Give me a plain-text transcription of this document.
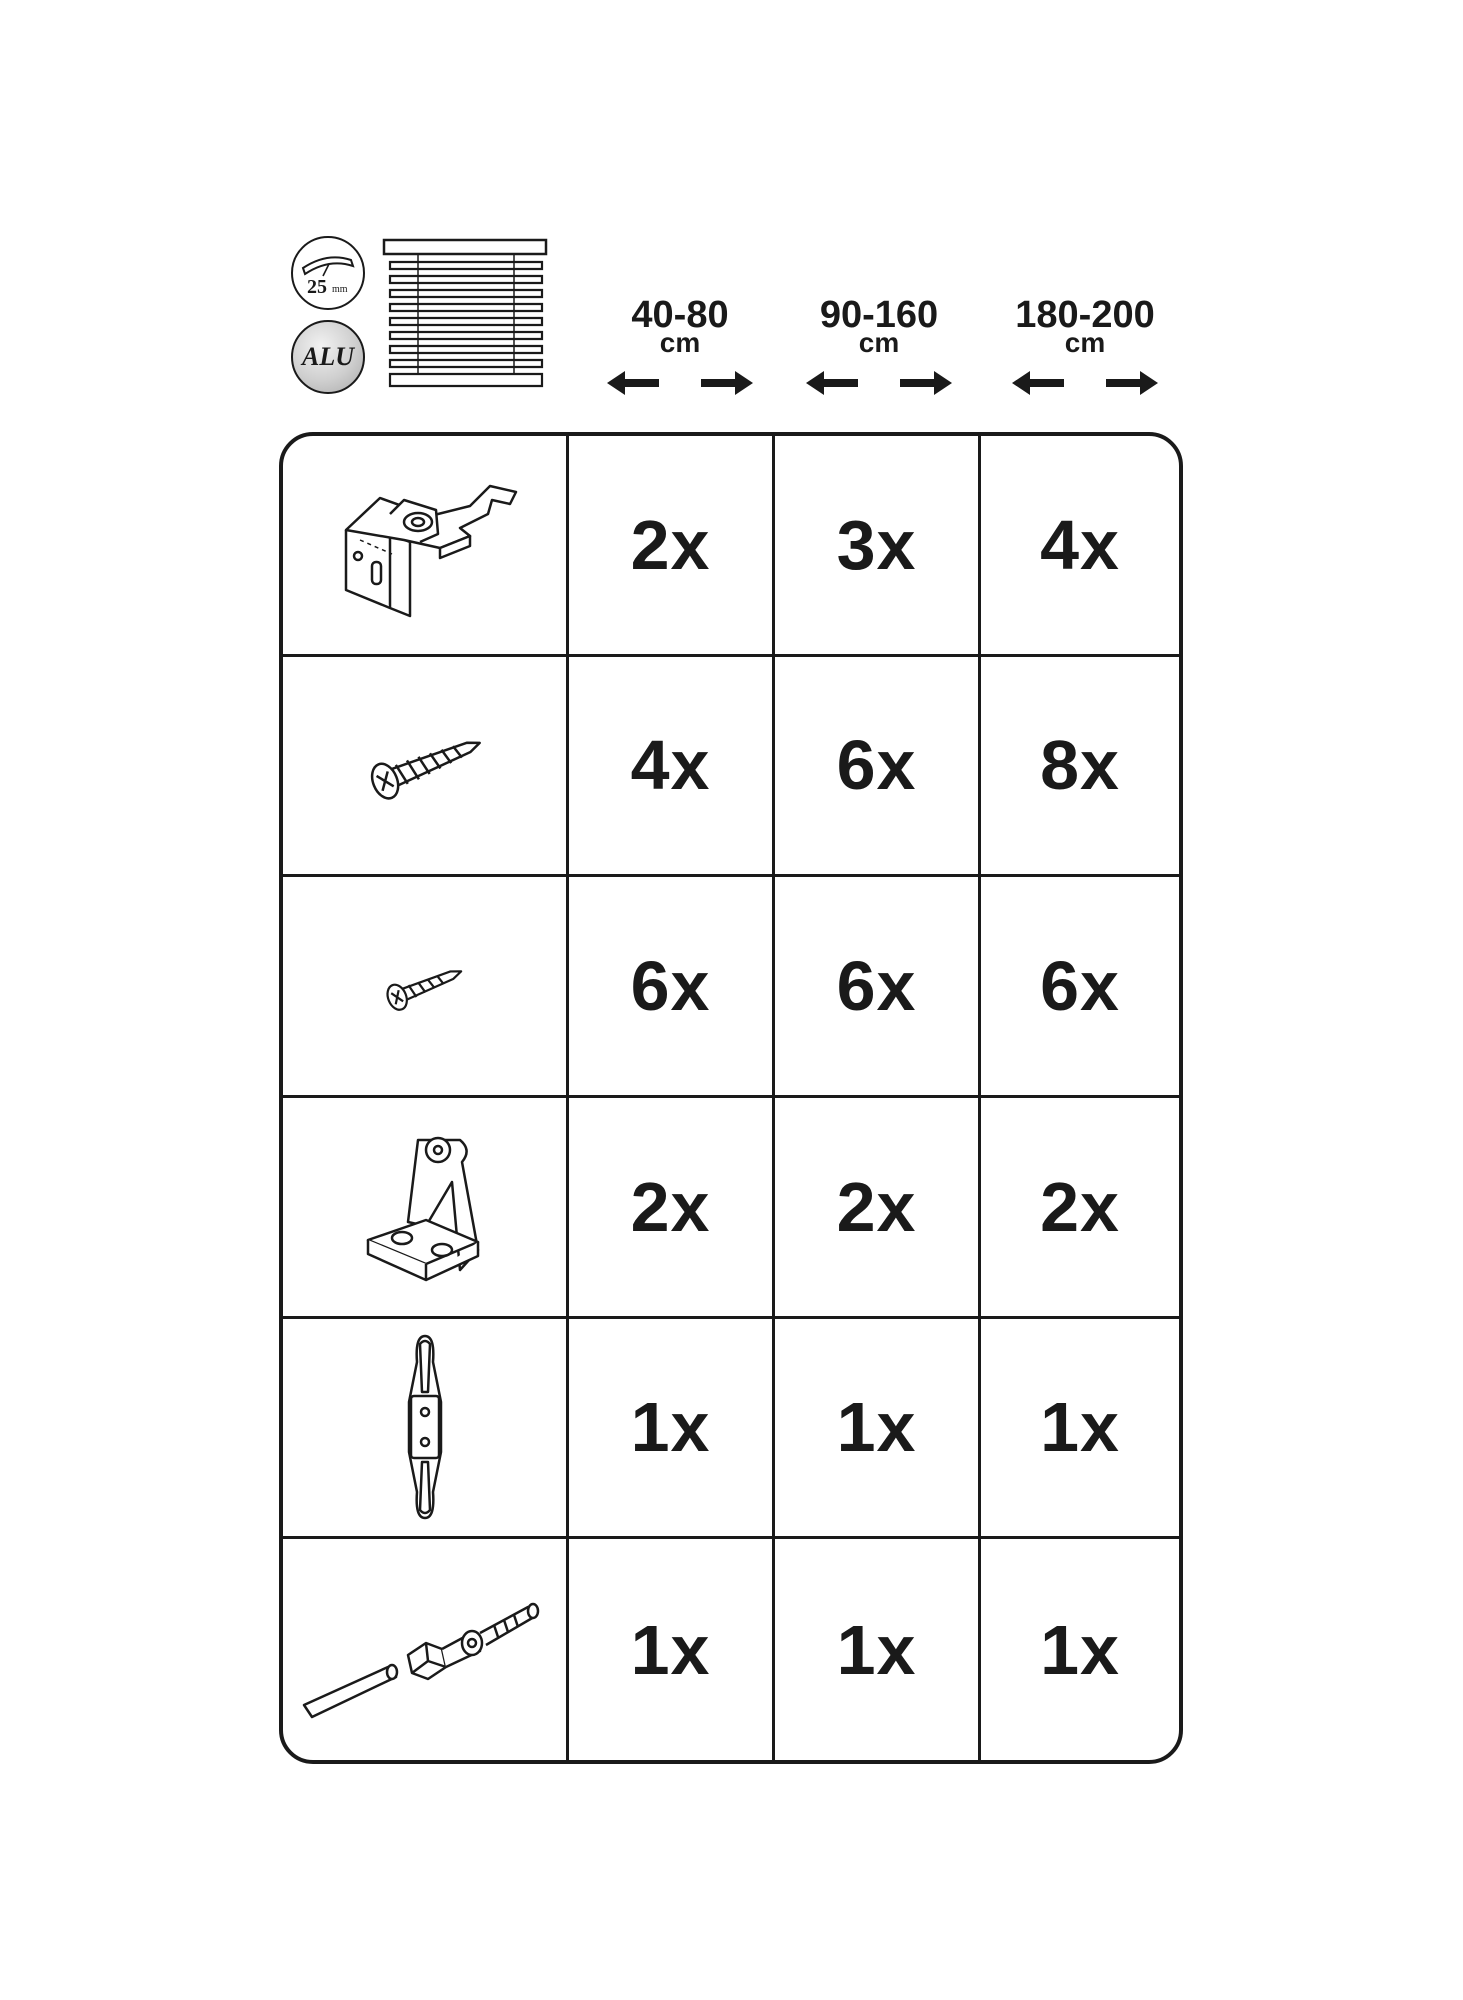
25 mm
ALU
40-80
cm
90-160
cm
180-200
cm
2x 3x 4x
4x 6x 8x
6x 6x 6x
2x 2x 2x
1x 1x 1x
1x 1x 1x
